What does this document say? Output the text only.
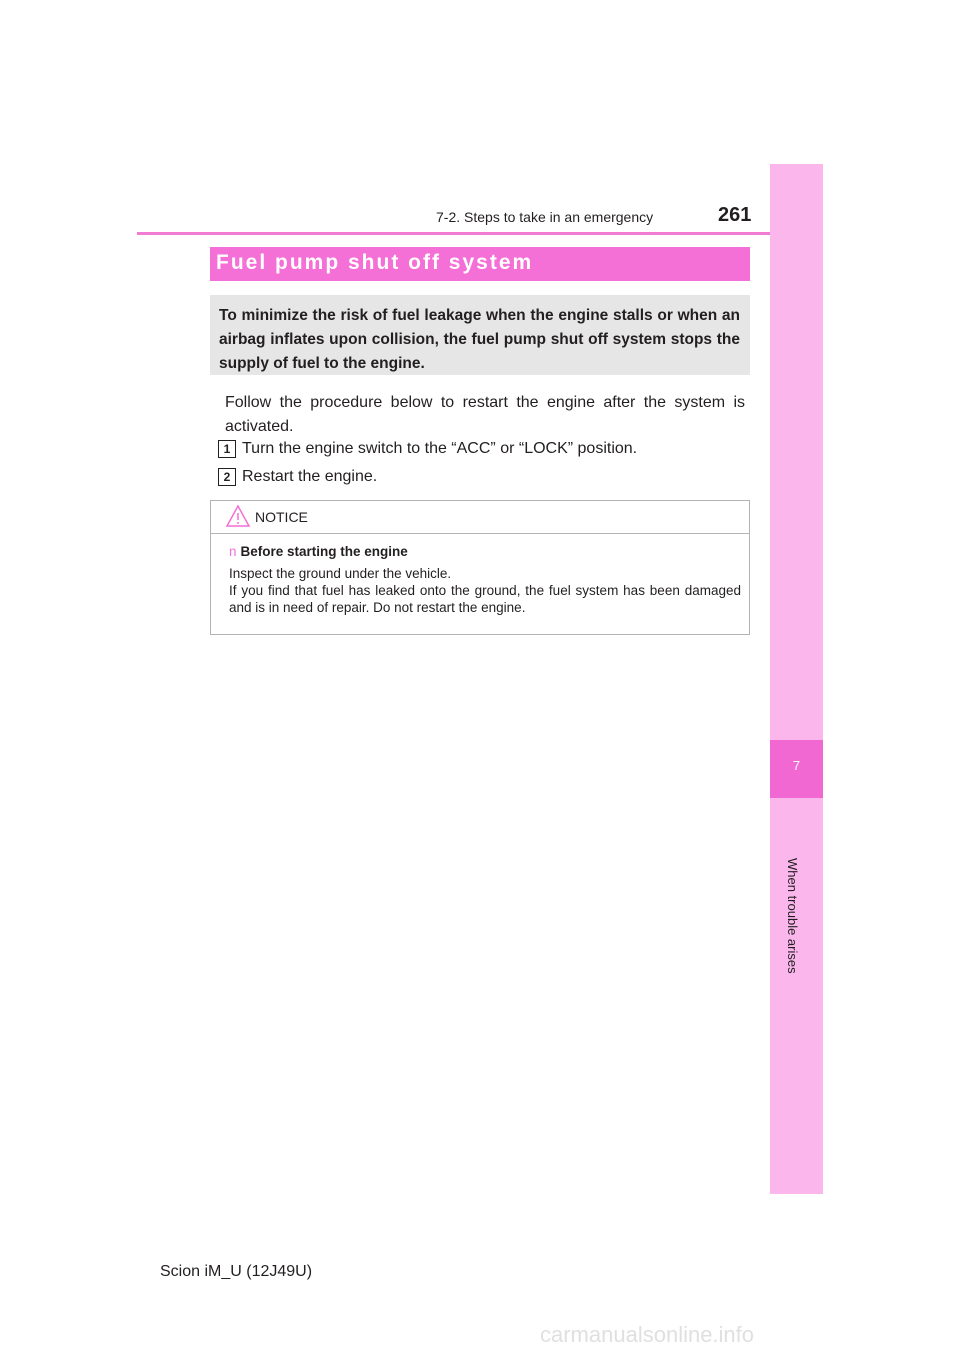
7-2. Steps to take in an emergency	261
7
When trouble arises
Fuel pump shut off system
To minimize the risk of fuel leakage when the engine stalls or when an airbag inflates upon collision, the fuel pump shut off system stops the supply of fuel to the engine.
Follow the procedure below to restart the engine after the system is activated.
1 Turn the engine switch to the “ACC” or “LOCK” position.
2 Restart the engine.
NOTICE
n Before starting the engine
Inspect the ground under the vehicle.
If you find that fuel has leaked onto the ground, the fuel system has been damaged and is in need of repair. Do not restart the engine.
Scion iM_U (12J49U)
carmanualsonline.info
